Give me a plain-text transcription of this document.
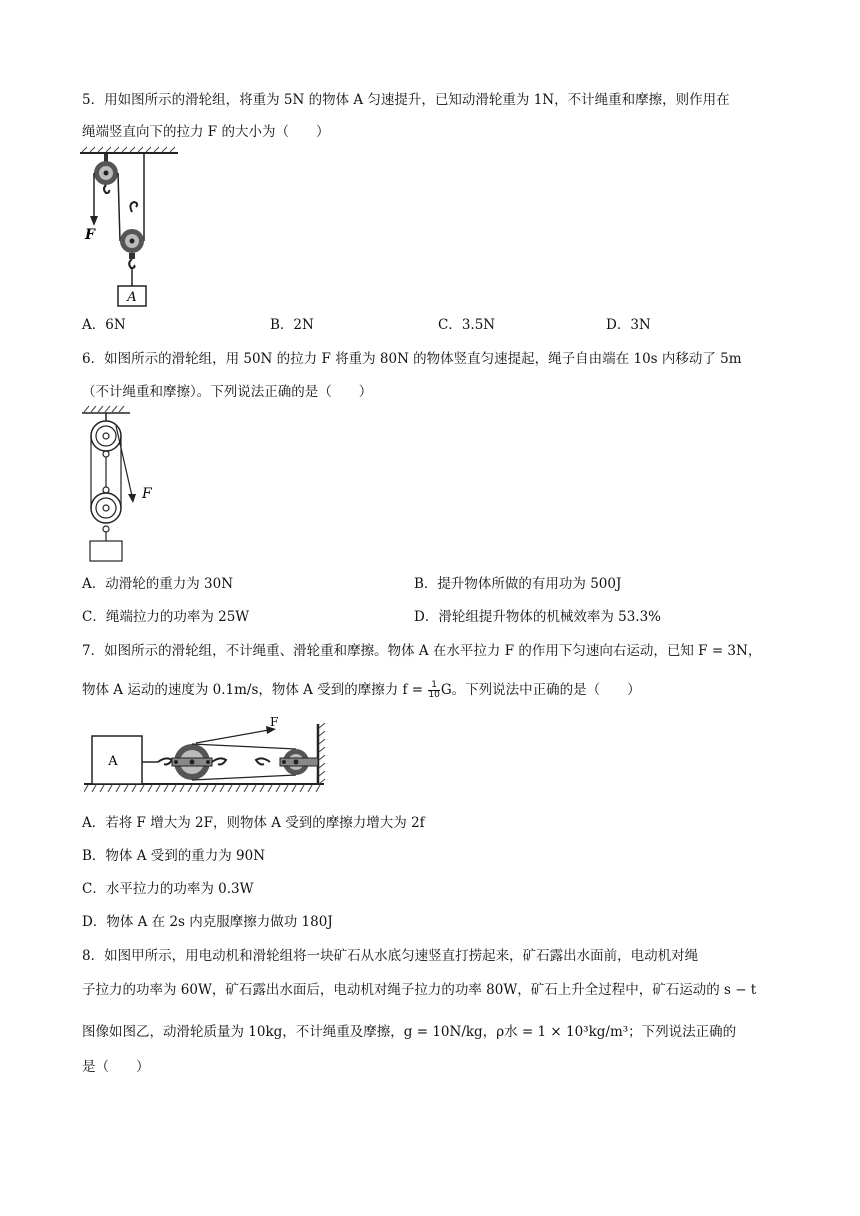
5．用如图所示的滑轮组，将重为 5N 的物体 A 匀速提升，已知动滑轮重为 1N，不计绳重和摩擦，则作用在
绳端竖直向下的拉力 F 的大小为（　　）
A
F
A．6N	B．2N	C．3.5N	D．3N
6．如图所示的滑轮组，用 50N 的拉力 F 将重为 80N 的物体竖直匀速提起，绳子自由端在 10s 内移动了 5m
（不计绳重和摩擦）。下列说法正确的是（　　）
F
A．动滑轮的重力为 30N	B．提升物体所做的有用功为 500J
C．绳端拉力的功率为 25W	D．滑轮组提升物体的机械效率为 53.3%
7．如图所示的滑轮组，不计绳重、滑轮重和摩擦。物体 A 在水平拉力 F 的作用下匀速向右运动，已知 F = 3N，
物体 A 运动的速度为 0.1m/s，物体 A 受到的摩擦力 $f = \frac{1}{10}$ G。下列说法中正确的是（　　）
A
F
A．若将 F 增大为 2F，则物体 A 受到的摩擦力增大为 2f
B．物体 A 受到的重力为 90N
C．水平拉力的功率为 0.3W
D．物体 A 在 2s 内克服摩擦力做功 180J
8．如图甲所示，用电动机和滑轮组将一块矿石从水底匀速竖直打捞起来，矿石露出水面前，电动机对绳
子拉力的功率为 60W，矿石露出水面后，电动机对绳子拉力的功率 80W，矿石上升全过程中，矿石运动的 s − t
图像如图乙，动滑轮质量为 10kg，不计绳重及摩擦，g = 10N/kg，ρ水 = 1 × 10³kg/m³；下列说法正确的
是（　　）
